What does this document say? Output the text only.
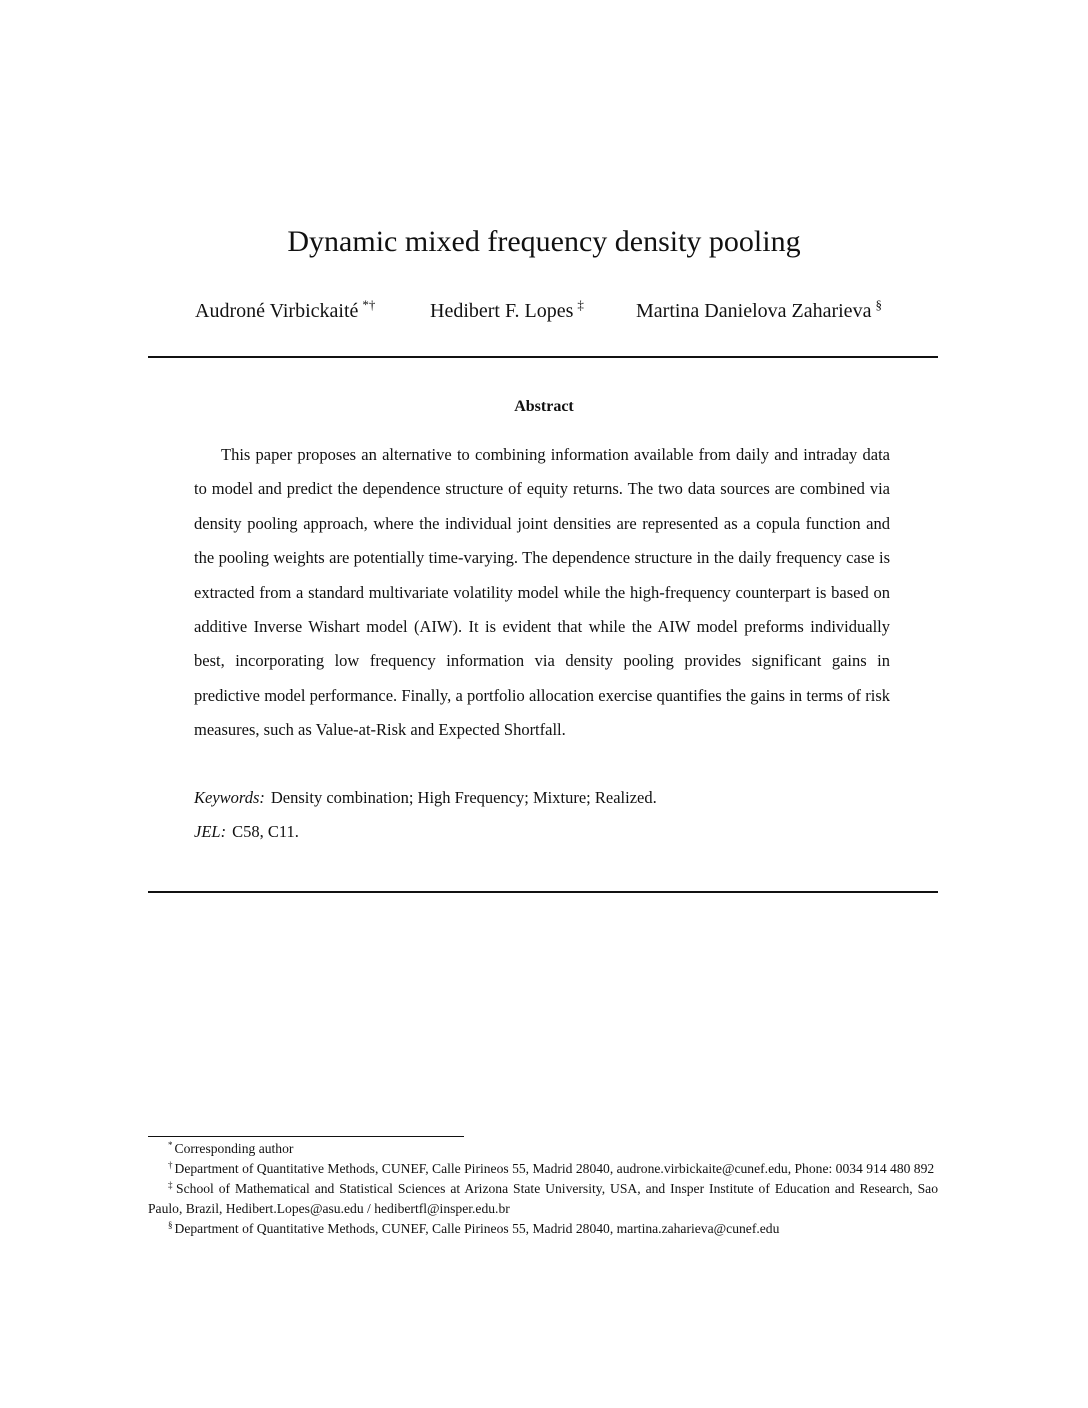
Dynamic mixed frequency density pooling
Audroné Virbickaité *†	Hedibert F. Lopes ‡	Martina Danielova Zaharieva §
Abstract

This paper proposes an alternative to combining information available from daily and intraday data to model and predict the dependence structure of equity returns. The two data sources are combined via density pooling approach, where the individual joint densities are represented as a copula function and the pooling weights are potentially time-varying. The dependence structure in the daily frequency case is extracted from a standard multivariate volatility model while the high-frequency counterpart is based on additive Inverse Wishart model (AIW). It is evident that while the AIW model preforms individually best, incorporating low frequency information via density pooling provides significant gains in predictive model performance. Finally, a portfolio allocation exercise quantifies the gains in terms of risk measures, such as Value-at-Risk and Expected Shortfall.

Keywords: Density combination; High Frequency; Mixture; Realized.

JEL: C58, C11.

* Corresponding author

† Department of Quantitative Methods, CUNEF, Calle Pirineos 55, Madrid 28040, audrone.virbickaite@cunef.edu, Phone: 0034 914 480 892

‡ School of Mathematical and Statistical Sciences at Arizona State University, USA, and Insper Institute of Education and Research, Sao Paulo, Brazil, Hedibert.Lopes@asu.edu / hedibertfl@insper.edu.br

§ Department of Quantitative Methods, CUNEF, Calle Pirineos 55, Madrid 28040, martina.zaharieva@cunef.edu
